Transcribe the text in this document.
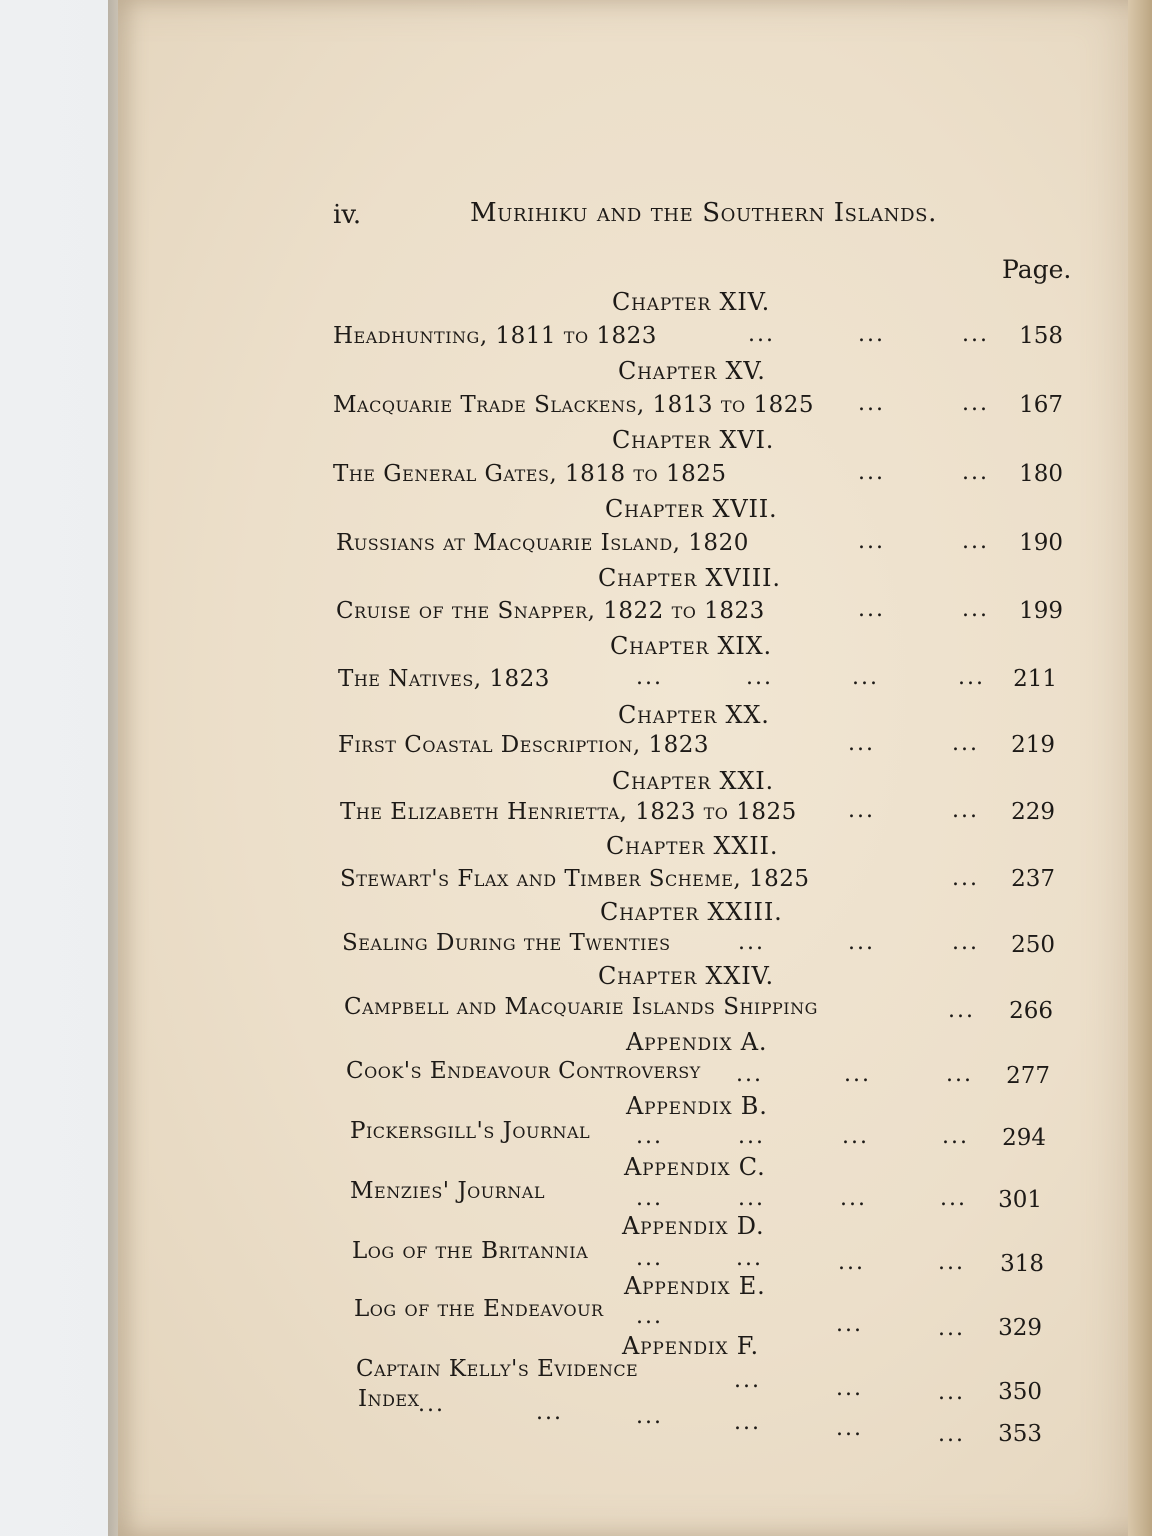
iv.	Murihiku and the Southern Islands.
Page.
Chapter XIV.
Headhunting, 1811 to 1823	...	...	...	158
Chapter XV.
Macquarie Trade Slackens, 1813 to 1825 ...	...	167
Chapter XVI.
The General Gates, 1818 to 1825	...	...	180
Chapter XVII.
Russians at Macquarie Island, 1820	...	...	190
Chapter XVIII.
Cruise of the Snapper, 1822 to 1823	...	...	199
Chapter XIX.
The Natives, 1823	...	...	...	...	211
Chapter XX.
First Coastal Description, 1823	...	...	219
Chapter XXI.
The Elizabeth Henrietta, 1823 to 1825 ...	...	229
Chapter XXII.
Stewart's Flax and Timber Scheme, 1825	...	237
Chapter XXIII.
Sealing During the Twenties	...	...	...	250
Chapter XXIV.
Campbell and Macquarie Islands Shipping	...	266
Appendix A.
Cook's Endeavour Controversy ...	...	...	277
Appendix B.
Pickersgill's Journal ...	...	...	...	294
Appendix C.
Menzies' Journal	...	...	...	...	301
Appendix D.
Log of the Britannia ...	...	...	...	318
Appendix E.
Log of the Endeavour ...	...	...	329
Appendix F.
Captain Kelly's Evidence	...	...	...	350
Index
...	...	...	...	...	...	353
